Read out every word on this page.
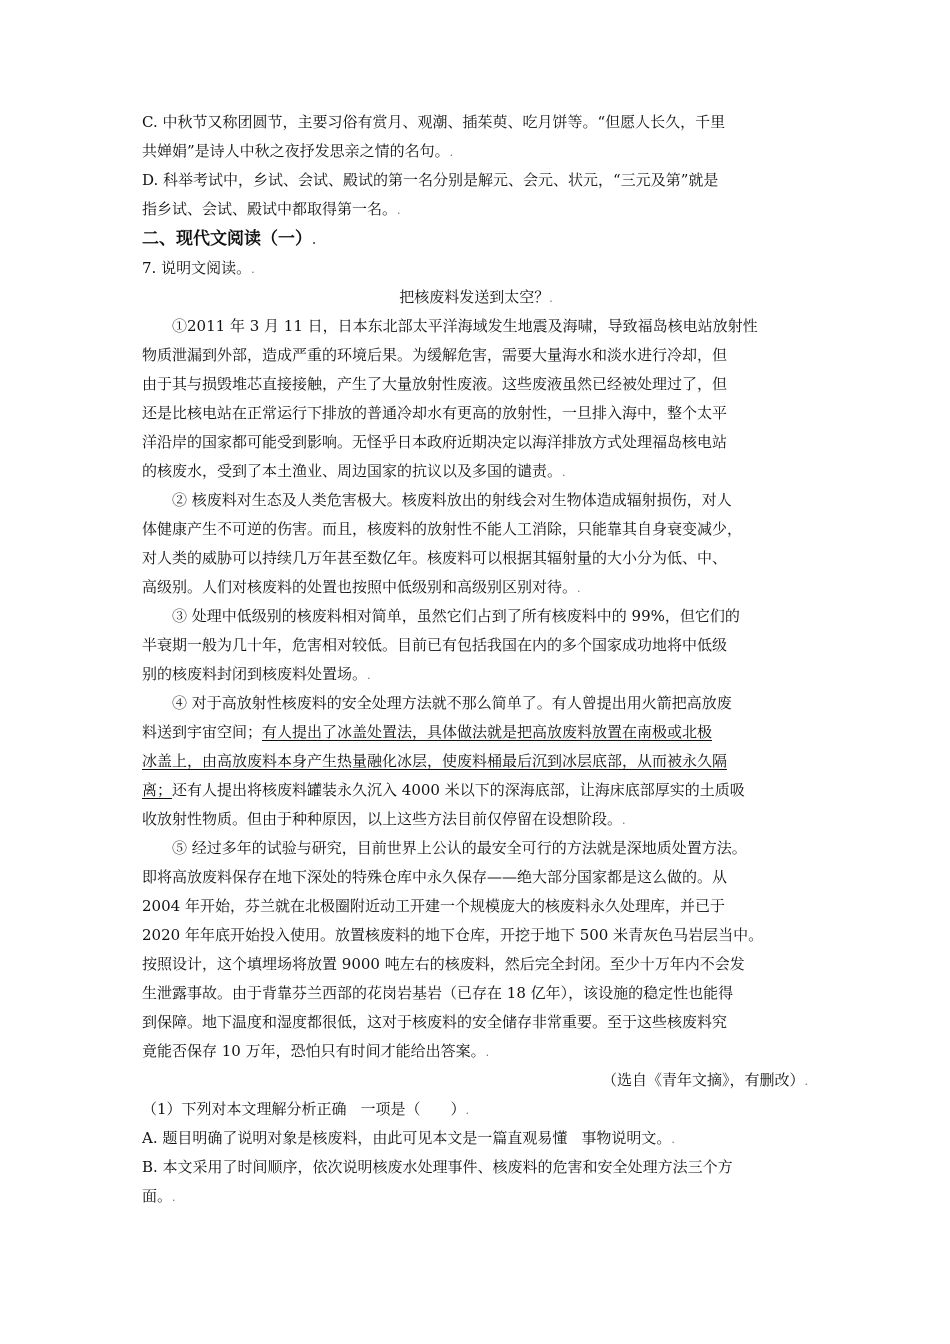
C. 中秋节又称团圆节，主要习俗有赏月、观潮、插茱萸、吃月饼等。“但愿人长久，千里
共婵娟”是诗人中秋之夜抒发思亲之情的名句。.
D. 科举考试中，乡试、会试、殿试的第一名分别是解元、会元、状元，“三元及第”就是
指乡试、会试、殿试中都取得第一名。.
二、现代文阅读（一）.
7. 说明文阅读。.
把核废料发送到太空？.
①2011 年 3 月 11 日，日本东北部太平洋海域发生地震及海啸，导致福岛核电站放射性
物质泄漏到外部，造成严重的环境后果。为缓解危害，需要大量海水和淡水进行冷却，但
由于其与损毁堆芯直接接触，产生了大量放射性废液。这些废液虽然已经被处理过了，但
还是比核电站在正常运行下排放的普通冷却水有更高的放射性，一旦排入海中，整个太平
洋沿岸的国家都可能受到影响。无怪乎日本政府近期决定以海洋排放方式处理福岛核电站
的核废水，受到了本土渔业、周边国家的抗议以及多国的谴责。.
② 核废料对生态及人类危害极大。核废料放出的射线会对生物体造成辐射损伤，对人
体健康产生不可逆的伤害。而且，核废料的放射性不能人工消除，只能靠其自身衰变减少，
对人类的威胁可以持续几万年甚至数亿年。核废料可以根据其辐射量的大小分为低、中、
高级别。人们对核废料的处置也按照中低级别和高级别区别对待。.
③ 处理中低级别的核废料相对简单，虽然它们占到了所有核废料中的 99%，但它们的
半衰期一般为几十年，危害相对较低。目前已有包括我国在内的多个国家成功地将中低级
别的核废料封闭到核废料处置场。.
④ 对于高放射性核废料的安全处理方法就不那么简单了。有人曾提出用火箭把高放废
料送到宇宙空间；有人提出了冰盖处置法，具体做法就是把高放废料放置在南极或北极
冰盖上，由高放废料本身产生热量融化冰层，使废料桶最后沉到冰层底部，从而被永久隔
离；还有人提出将核废料罐装永久沉入 4000 米以下的深海底部，让海床底部厚实的土质吸
收放射性物质。但由于种种原因，以上这些方法目前仅停留在设想阶段。.
⑤ 经过多年的试验与研究，目前世界上公认的最安全可行的方法就是深地质处置方法。
即将高放废料保存在地下深处的特殊仓库中永久保存——绝大部分国家都是这么做的。从
2004 年开始，芬兰就在北极圈附近动工开建一个规模庞大的核废料永久处理库，并已于
2020 年年底开始投入使用。放置核废料的地下仓库，开挖于地下 500 米青灰色马岩层当中。
按照设计，这个填埋场将放置 9000 吨左右的核废料，然后完全封闭。至少十万年内不会发
生泄露事故。由于背靠芬兰西部的花岗岩基岩（已存在 18 亿年），该设施的稳定性也能得
到保障。地下温度和湿度都很低，这对于核废料的安全储存非常重要。至于这些核废料究
竟能否保存 10 万年，恐怕只有时间才能给出答案。.
（选自《青年文摘》，有删改）.
（1）下列对本文理解分析正确 一项是（　　）.
A. 题目明确了说明对象是核废料，由此可见本文是一篇直观易懂 事物说明文。.
B. 本文采用了时间顺序，依次说明核废水处理事件、核废料的危害和安全处理方法三个方
面。.
